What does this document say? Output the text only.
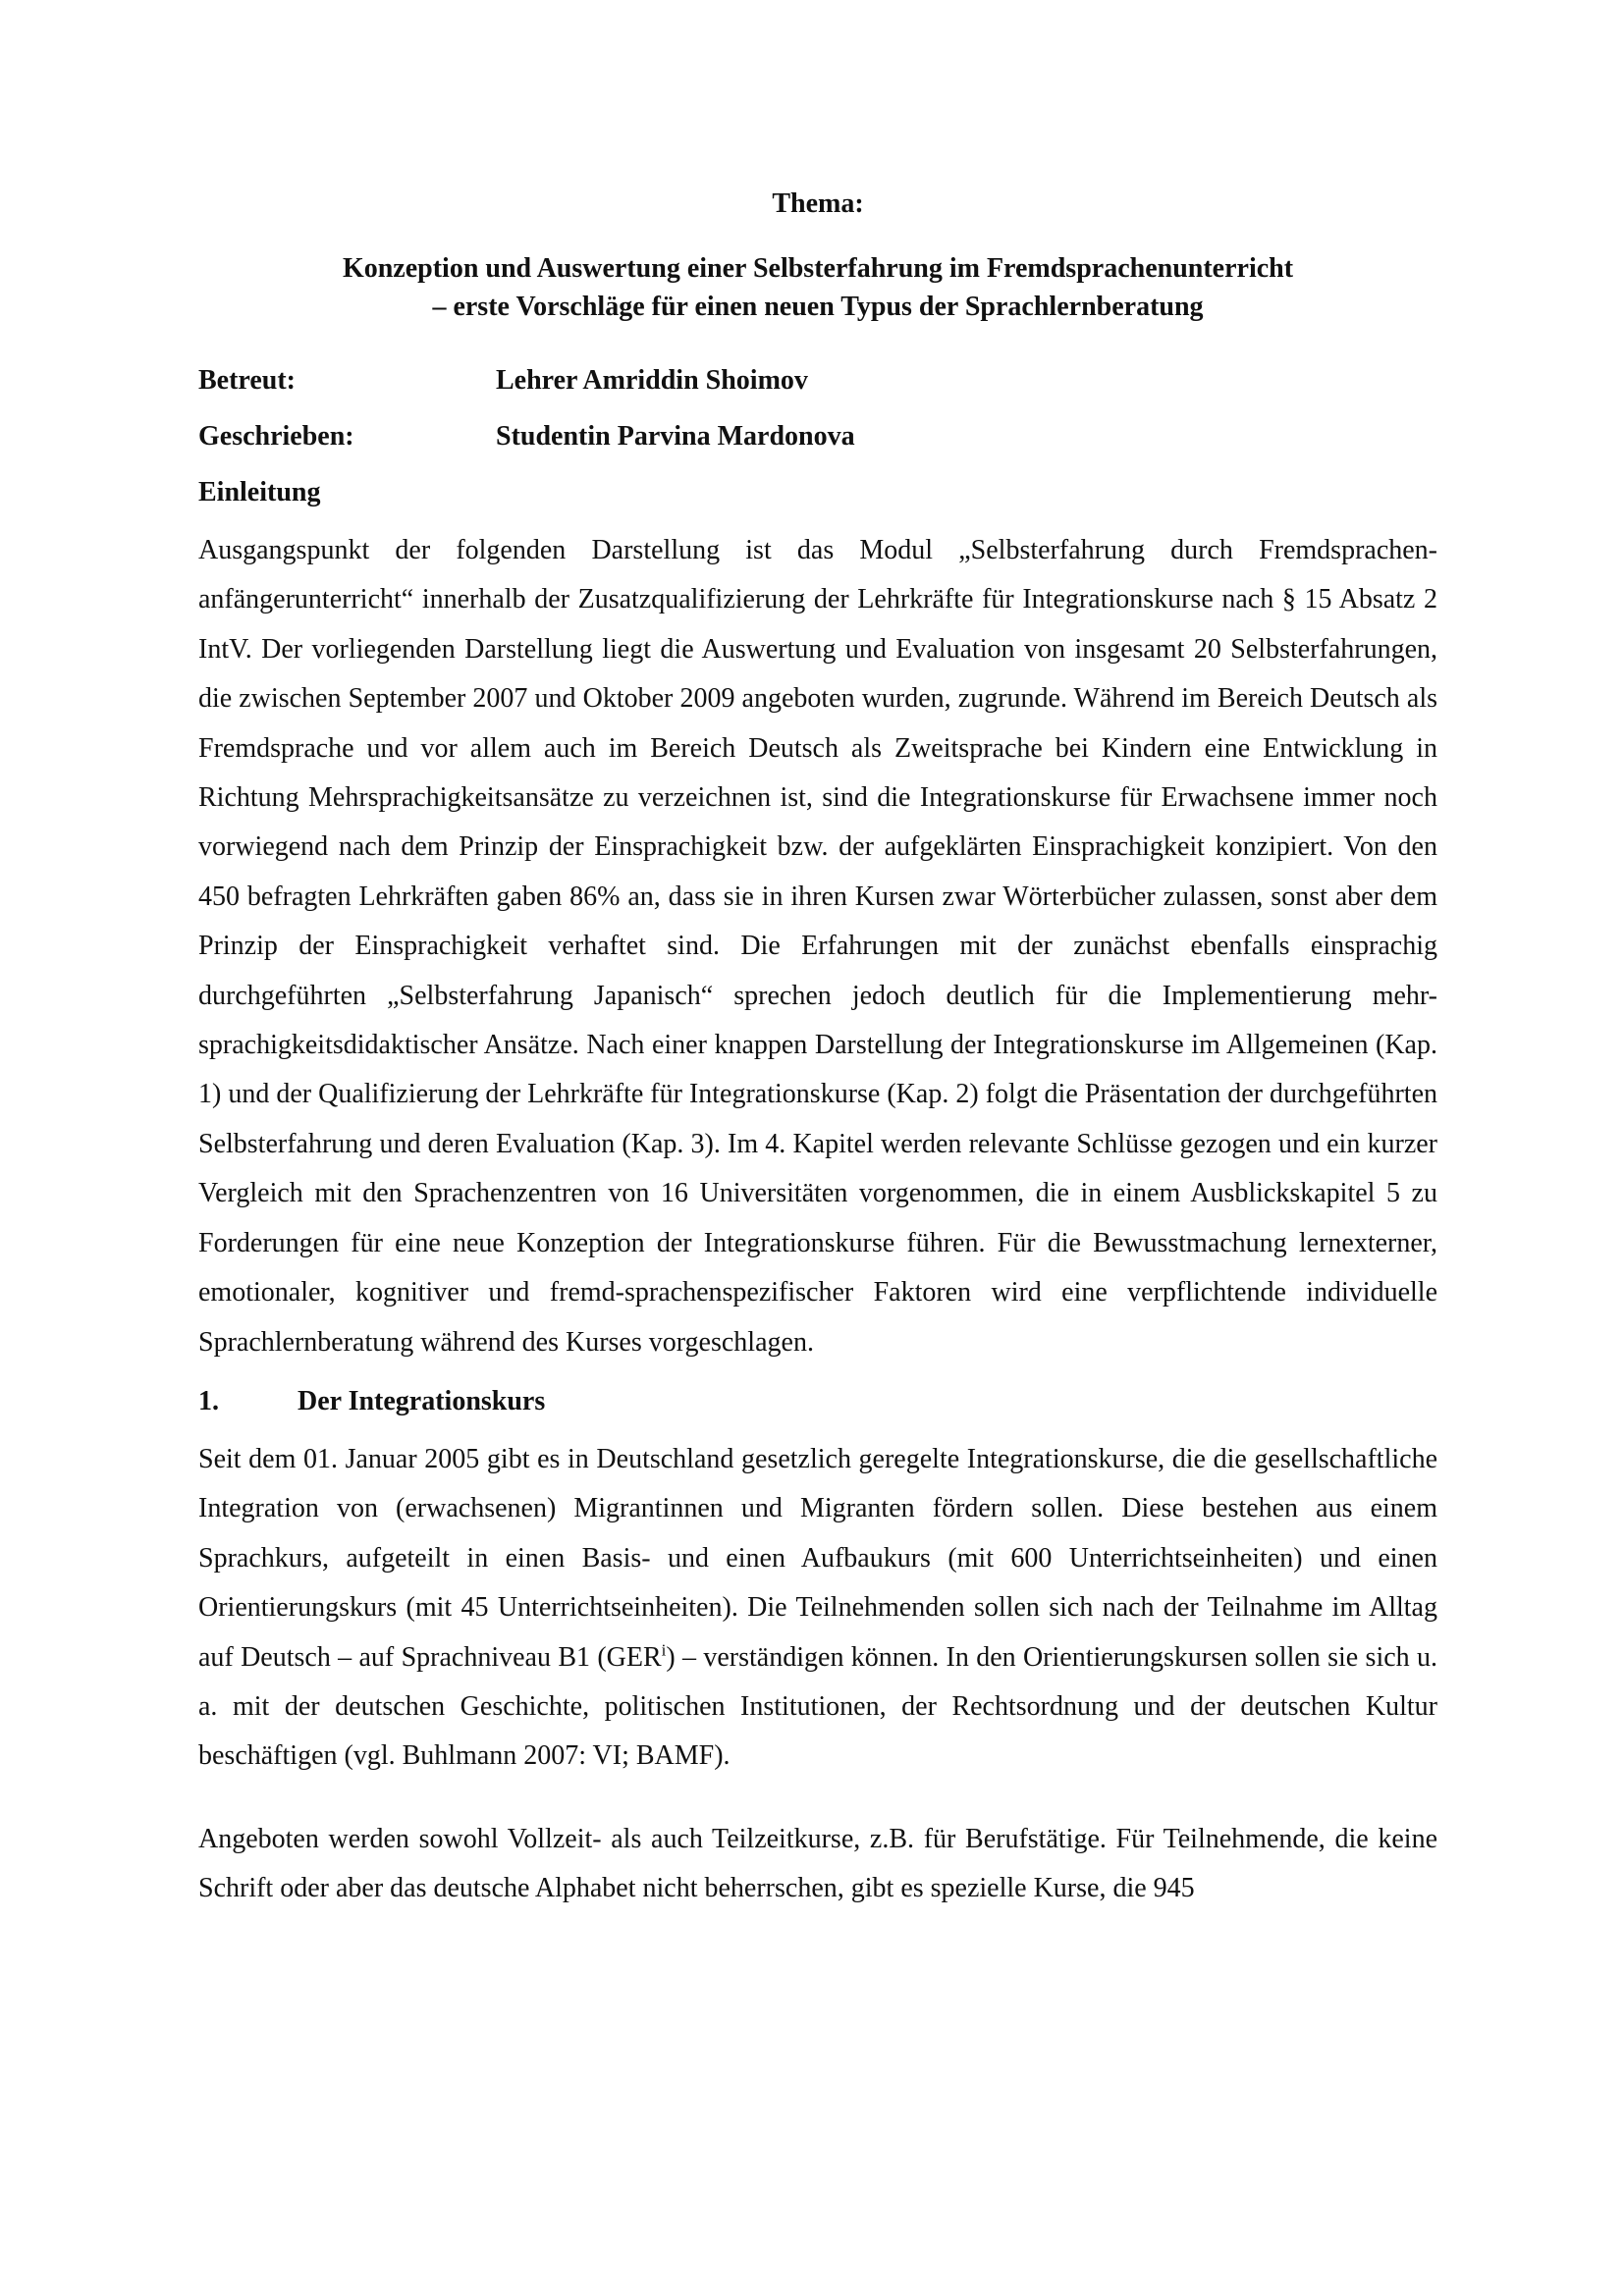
Thema:

Konzeption und Auswertung einer Selbsterfahrung im Fremdsprachenunterricht
– erste Vorschläge für einen neuen Typus der Sprachlernberatung

Betreut:	Lehrer Amriddin Shoimov
Geschrieben:	Studentin Parvina Mardonova
Einleitung

Ausgangspunkt der folgenden Darstellung ist das Modul „Selbsterfahrung durch Fremdsprachen-anfängerunterricht“ innerhalb der Zusatzqualifizierung der Lehrkräfte für Integrationskurse nach § 15 Absatz 2 IntV. Der vorliegenden Darstellung liegt die Auswertung und Evaluation von insgesamt 20 Selbsterfahrungen, die zwischen September 2007 und Oktober 2009 angeboten wurden, zugrunde. Während im Bereich Deutsch als Fremdsprache und vor allem auch im Bereich Deutsch als Zweitsprache bei Kindern eine Entwicklung in Richtung Mehrsprachigkeitsansätze zu verzeichnen ist, sind die Integrationskurse für Erwachsene immer noch vorwiegend nach dem Prinzip der Einsprachigkeit bzw. der aufgeklärten Einsprachigkeit konzipiert. Von den 450 befragten Lehrkräften gaben 86% an, dass sie in ihren Kursen zwar Wörterbücher zulassen, sonst aber dem Prinzip der Einsprachigkeit verhaftet sind. Die Erfahrungen mit der zunächst ebenfalls einsprachig durchgeführten „Selbsterfahrung Japanisch“ sprechen jedoch deutlich für die Implementierung mehr-sprachigkeitsdidaktischer Ansätze. Nach einer knappen Darstellung der Integrationskurse im Allgemeinen (Kap. 1) und der Qualifizierung der Lehrkräfte für Integrationskurse (Kap. 2) folgt die Präsentation der durchgeführten Selbsterfahrung und deren Evaluation (Kap. 3). Im 4. Kapitel werden relevante Schlüsse gezogen und ein kurzer Vergleich mit den Sprachenzentren von 16 Universitäten vorgenommen, die in einem Ausblickskapitel 5 zu Forderungen für eine neue Konzeption der Integrationskurse führen. Für die Bewusstmachung lernexterner, emotionaler, kognitiver und fremd-sprachenspezifischer Faktoren wird eine verpflichtende individuelle Sprachlernberatung während des Kurses vorgeschlagen.

1.	Der Integrationskurs

Seit dem 01. Januar 2005 gibt es in Deutschland gesetzlich geregelte Integrationskurse, die die gesellschaftliche Integration von (erwachsenen) Migrantinnen und Migranten fördern sollen. Diese bestehen aus einem Sprachkurs, aufgeteilt in einen Basis- und einen Aufbaukurs (mit 600 Unterrichtseinheiten) und einen Orientierungskurs (mit 45 Unterrichtseinheiten). Die Teilnehmenden sollen sich nach der Teilnahme im Alltag auf Deutsch – auf Sprachniveau B1 (GER$^i$) – verständigen können. In den Orientierungskursen sollen sie sich u. a. mit der deutschen Geschichte, politischen Institutionen, der Rechtsordnung und der deutschen Kultur beschäftigen (vgl. Buhlmann 2007: VI; BAMF).

Angeboten werden sowohl Vollzeit- als auch Teilzeitkurse, z.B. für Berufstätige. Für Teilnehmende, die keine Schrift oder aber das deutsche Alphabet nicht beherrschen, gibt es spezielle Kurse, die 945
